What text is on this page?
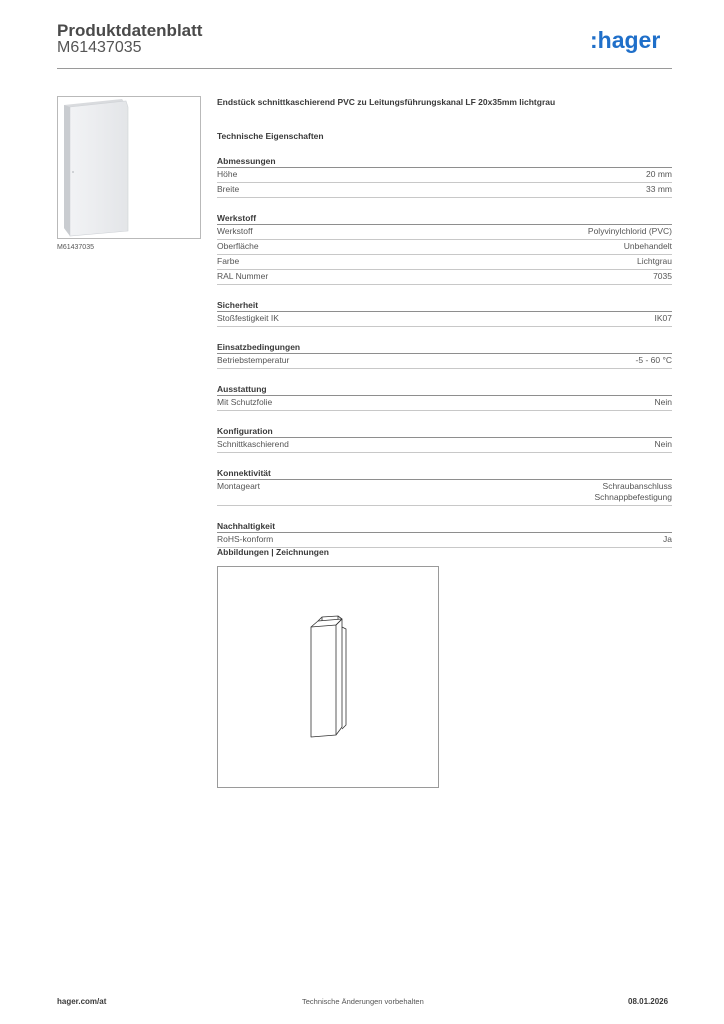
Produktdatenblatt
M61437035	:hager
M61437035
Endstück schnittkaschierend PVC zu Leitungsführungskanal LF 20x35mm lichtgrau
Technische Eigenschaften
Abmessungen
Höhe	20 mm
Breite	33 mm
Werkstoff
Werkstoff	Polyvinylchlorid (PVC)
Oberfläche	Unbehandelt
Farbe	Lichtgrau
RAL Nummer	7035
Sicherheit
Stoßfestigkeit IK	IK07
Einsatzbedingungen
Betriebstemperatur	-5 - 60 °C
Ausstattung
Mit Schutzfolie	Nein
Konfiguration
Schnittkaschierend	Nein
Konnektivität
Montageart	Schraubanschluss
Schnappbefestigung
Nachhaltigkeit
RoHS-konform	Ja
Abbildungen | Zeichnungen
hager.com/at	Technische Änderungen vorbehalten	08.01.2026
